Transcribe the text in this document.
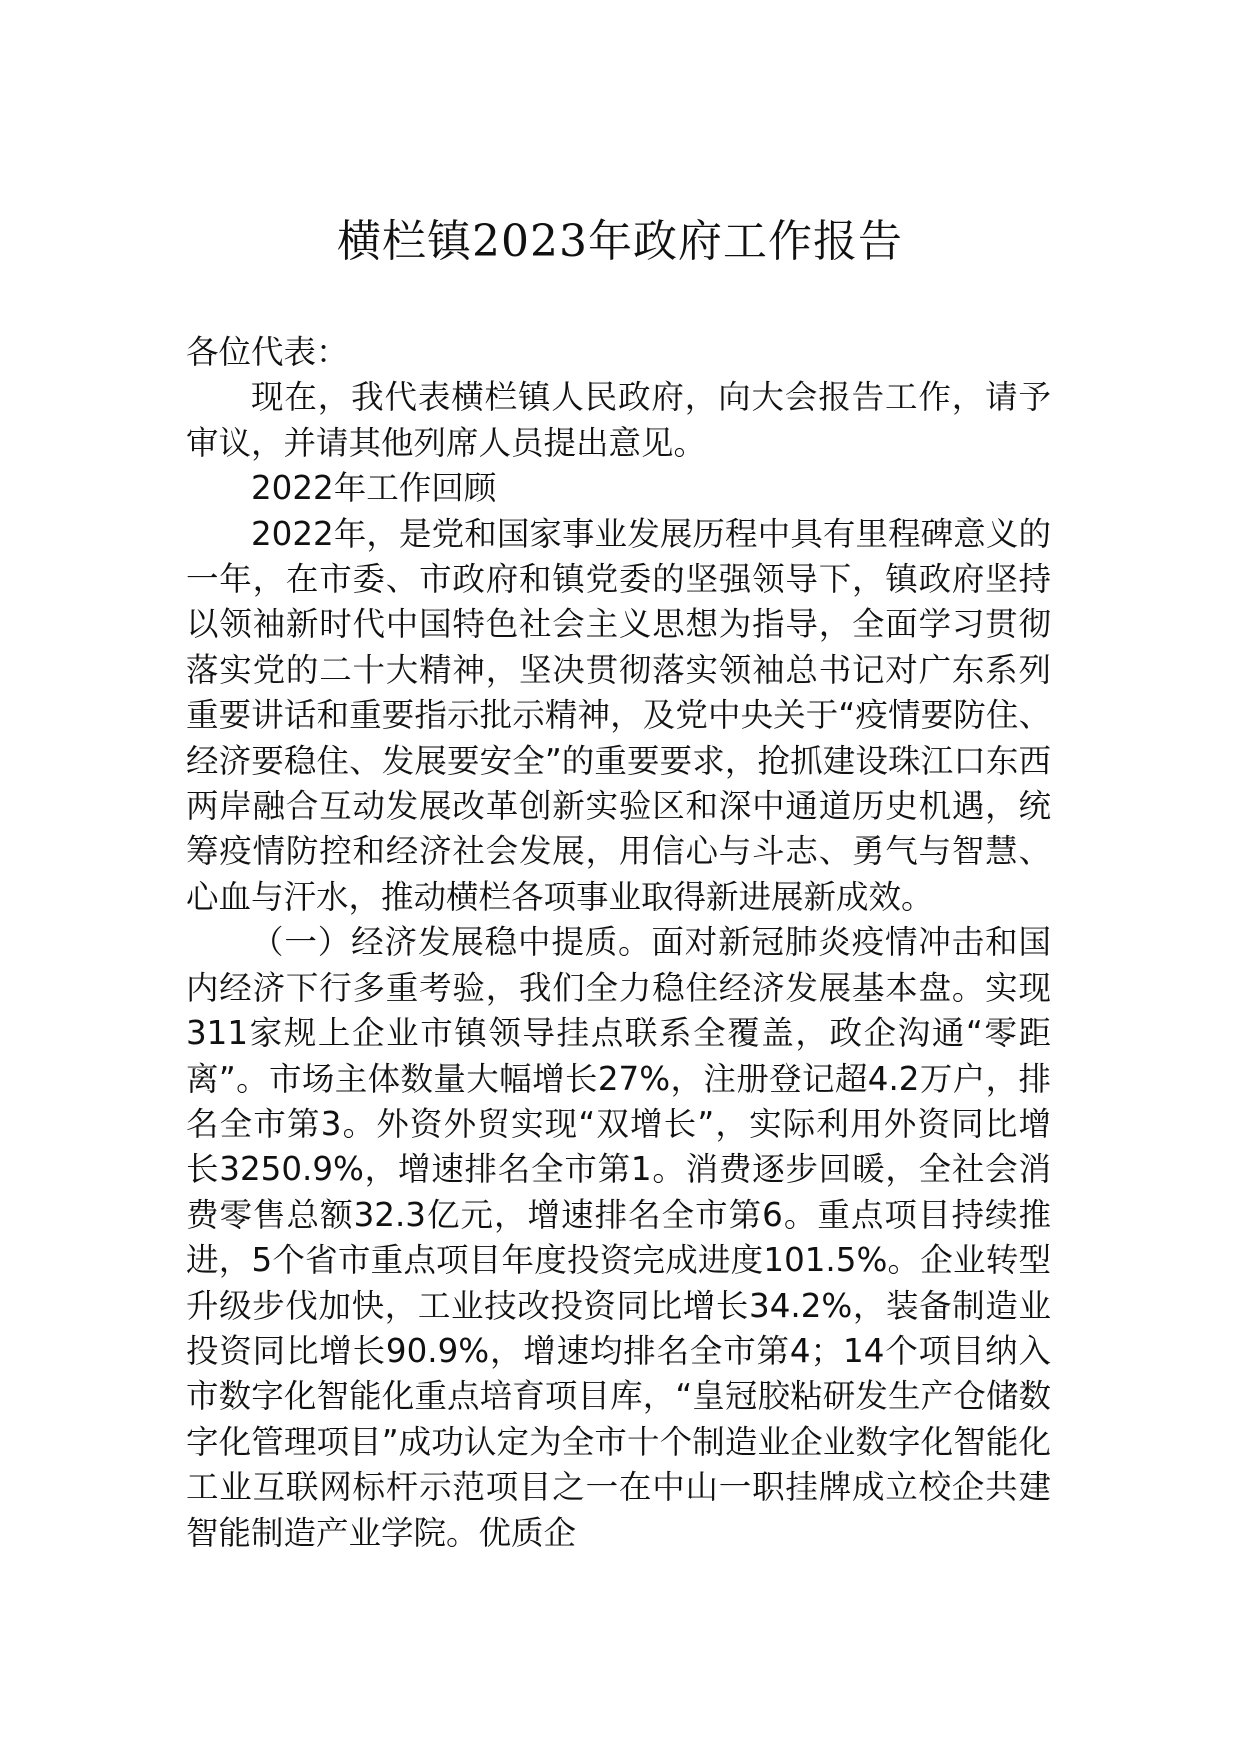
横栏镇2023年政府工作报告

各位代表：

现在，我代表横栏镇人民政府，向大会报告工作，请予审议，并请其他列席人员提出意见。

2022年工作回顾

2022年，是党和国家事业发展历程中具有里程碑意义的一年，在市委、市政府和镇党委的坚强领导下，镇政府坚持以领袖新时代中国特色社会主义思想为指导，全面学习贯彻落实党的二十大精神，坚决贯彻落实领袖总书记对广东系列重要讲话和重要指示批示精神，及党中央关于“疫情要防住、经济要稳住、发展要安全”的重要要求，抢抓建设珠江口东西两岸融合互动发展改革创新实验区和深中通道历史机遇，统筹疫情防控和经济社会发展，用信心与斗志、勇气与智慧、心血与汗水，推动横栏各项事业取得新进展新成效。

（一）经济发展稳中提质。面对新冠肺炎疫情冲击和国内经济下行多重考验，我们全力稳住经济发展基本盘。实现311家规上企业市镇领导挂点联系全覆盖，政企沟通“零距离”。市场主体数量大幅增长27%，注册登记超4.2万户，排名全市第3。外资外贸实现“双增长”，实际利用外资同比增长3250.9%，增速排名全市第1。消费逐步回暖，全社会消费零售总额32.3亿元，增速排名全市第6。重点项目持续推进，5个省市重点项目年度投资完成进度101.5%。企业转型升级步伐加快，工业技改投资同比增长34.2%，装备制造业投资同比增长90.9%，增速均排名全市第4；14个项目纳入市数字化智能化重点培育项目库，“皇冠胶粘研发生产仓储数字化管理项目”成功认定为全市十个制造业企业数字化智能化工业互联网标杆示范项目之一在中山一职挂牌成立校企共建智能制造产业学院。优质企
